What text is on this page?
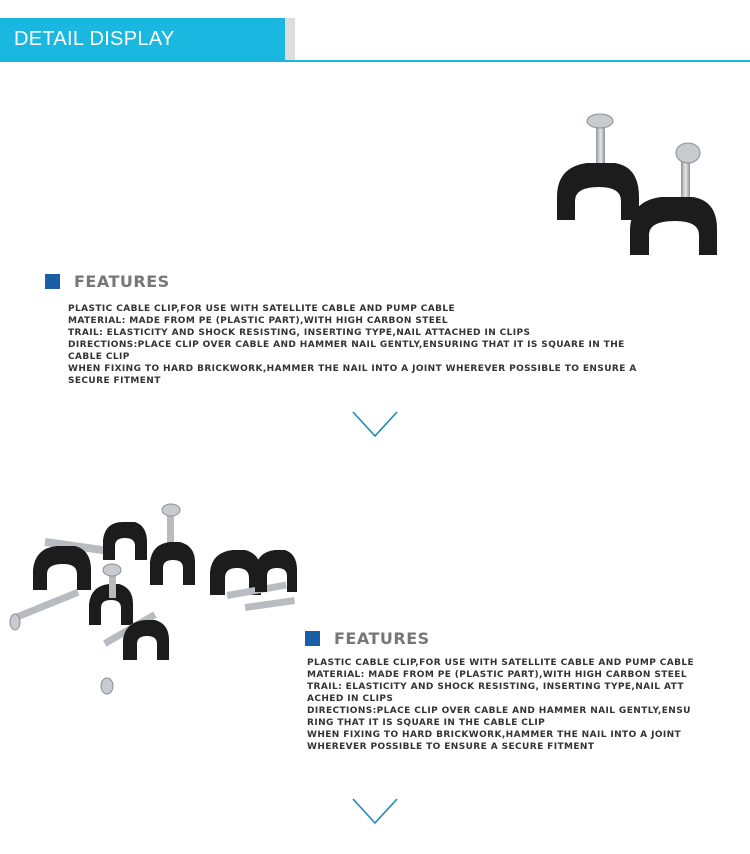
DETAIL DISPLAY
FEATURES
PLASTIC CABLE CLIP,FOR USE WITH SATELLITE CABLE AND PUMP CABLE
MATERIAL: MADE FROM PE (PLASTIC PART),WITH HIGH CARBON STEEL
TRAIL: ELASTICITY AND SHOCK RESISTING, INSERTING TYPE,NAIL ATTACHED IN CLIPS
DIRECTIONS:PLACE CLIP OVER CABLE AND HAMMER NAIL GENTLY,ENSURING THAT IT IS SQUARE IN THE
CABLE CLIP
WHEN FIXING TO HARD BRICKWORK,HAMMER THE NAIL INTO A JOINT WHEREVER POSSIBLE TO ENSURE A
SECURE FITMENT
FEATURES
PLASTIC CABLE CLIP,FOR USE WITH SATELLITE CABLE AND PUMP CABLE
MATERIAL: MADE FROM PE (PLASTIC PART),WITH HIGH CARBON STEEL
TRAIL: ELASTICITY AND SHOCK RESISTING, INSERTING TYPE,NAIL ATT
ACHED IN CLIPS
DIRECTIONS:PLACE CLIP OVER CABLE AND HAMMER NAIL GENTLY,ENSU
RING THAT IT IS SQUARE IN THE CABLE CLIP
WHEN FIXING TO HARD BRICKWORK,HAMMER THE NAIL INTO A JOINT
WHEREVER POSSIBLE TO ENSURE A SECURE FITMENT
